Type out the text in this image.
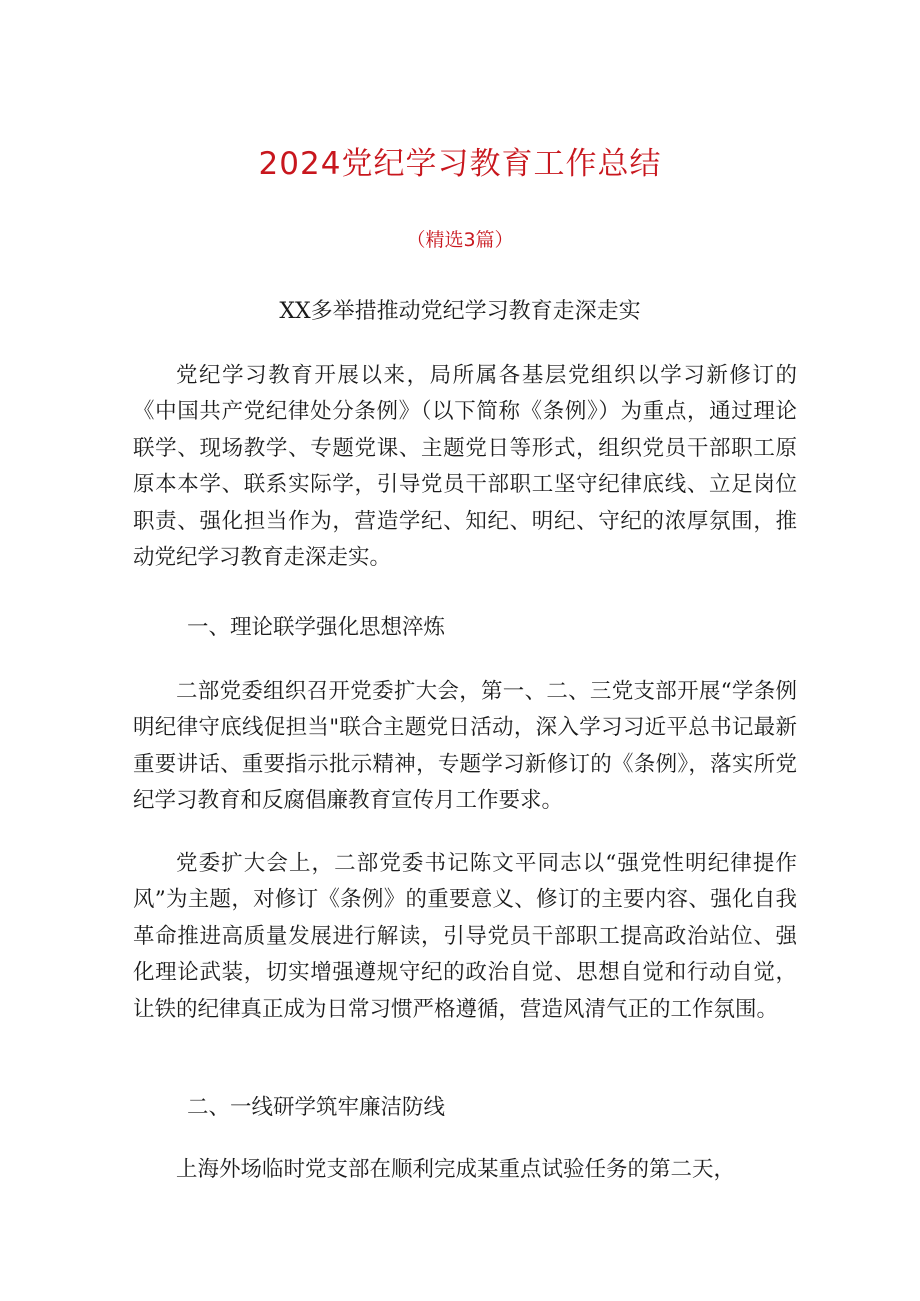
2024党纪学习教育工作总结
（精选3篇）
XX多举措推动党纪学习教育走深走实

党纪学习教育开展以来，局所属各基层党组织以学习新修订的《中国共产党纪律处分条例》（以下简称《条例》）为重点，通过理论联学、现场教学、专题党课、主题党日等形式，组织党员干部职工原原本本学、联系实际学，引导党员干部职工坚守纪律底线、立足岗位职责、强化担当作为，营造学纪、知纪、明纪、守纪的浓厚氛围，推动党纪学习教育走深走实。

一、理论联学强化思想淬炼

二部党委组织召开党委扩大会，第一、二、三党支部开展“学条例明纪律守底线促担当"联合主题党日活动，深入学习习近平总书记最新重要讲话、重要指示批示精神，专题学习新修订的《条例》，落实所党纪学习教育和反腐倡廉教育宣传月工作要求。

党委扩大会上，二部党委书记陈文平同志以“强党性明纪律提作风”为主题，对修订《条例》的重要意义、修订的主要内容、强化自我革命推进高质量发展进行解读，引导党员干部职工提高政治站位、强化理论武装，切实增强遵规守纪的政治自觉、思想自觉和行动自觉，让铁的纪律真正成为日常习惯严格遵循，营造风清气正的工作氛围。

二、一线研学筑牢廉洁防线

上海外场临时党支部在顺利完成某重点试验任务的第二天，
